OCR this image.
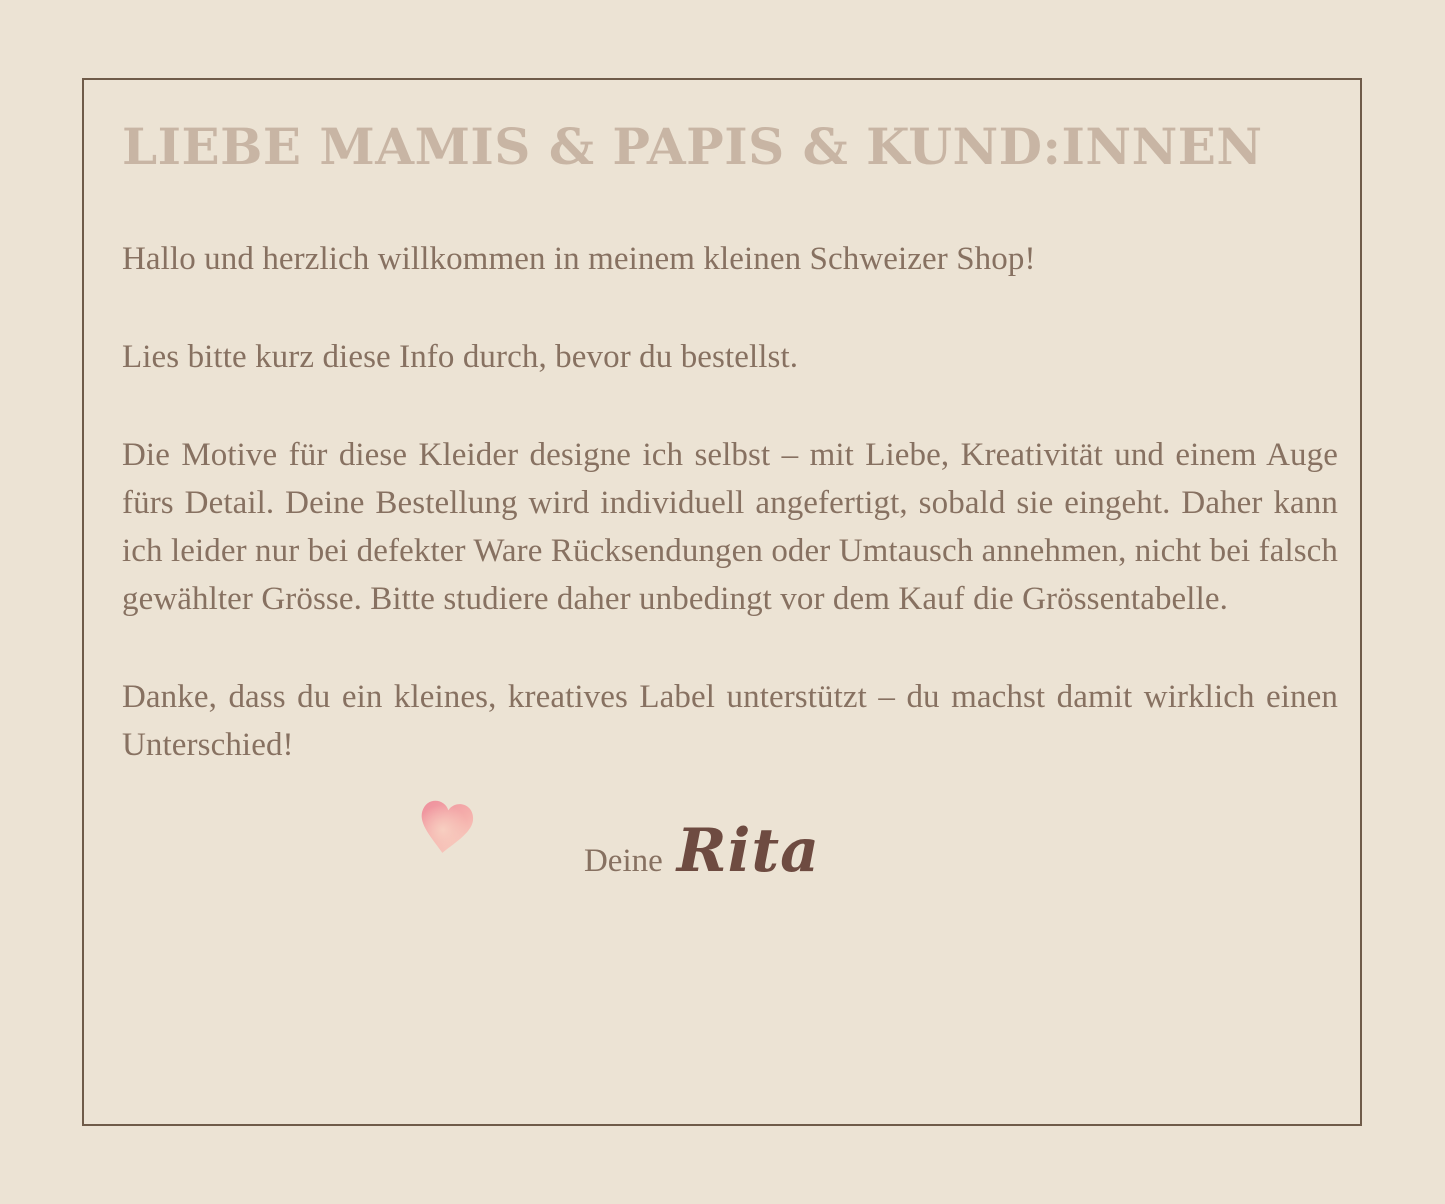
LIEBE MAMIS & PAPIS & KUND:INNEN

Hallo und herzlich willkommen in meinem kleinen Schweizer Shop!

Lies bitte kurz diese Info durch, bevor du bestellst.

Die Motive für diese Kleider designe ich selbst – mit Liebe, Kreativität und einem Auge fürs Detail. Deine Bestellung wird individuell angefertigt, sobald sie eingeht. Daher kann ich leider nur bei defekter Ware Rücksendungen oder Umtausch annehmen, nicht bei falsch gewählter Grösse. Bitte studiere daher unbedingt vor dem Kauf die Grössentabelle.

Danke, dass du ein kleines, kreatives Label unterstützt – du machst damit wirklich einen Unterschied!

Deine Rita
